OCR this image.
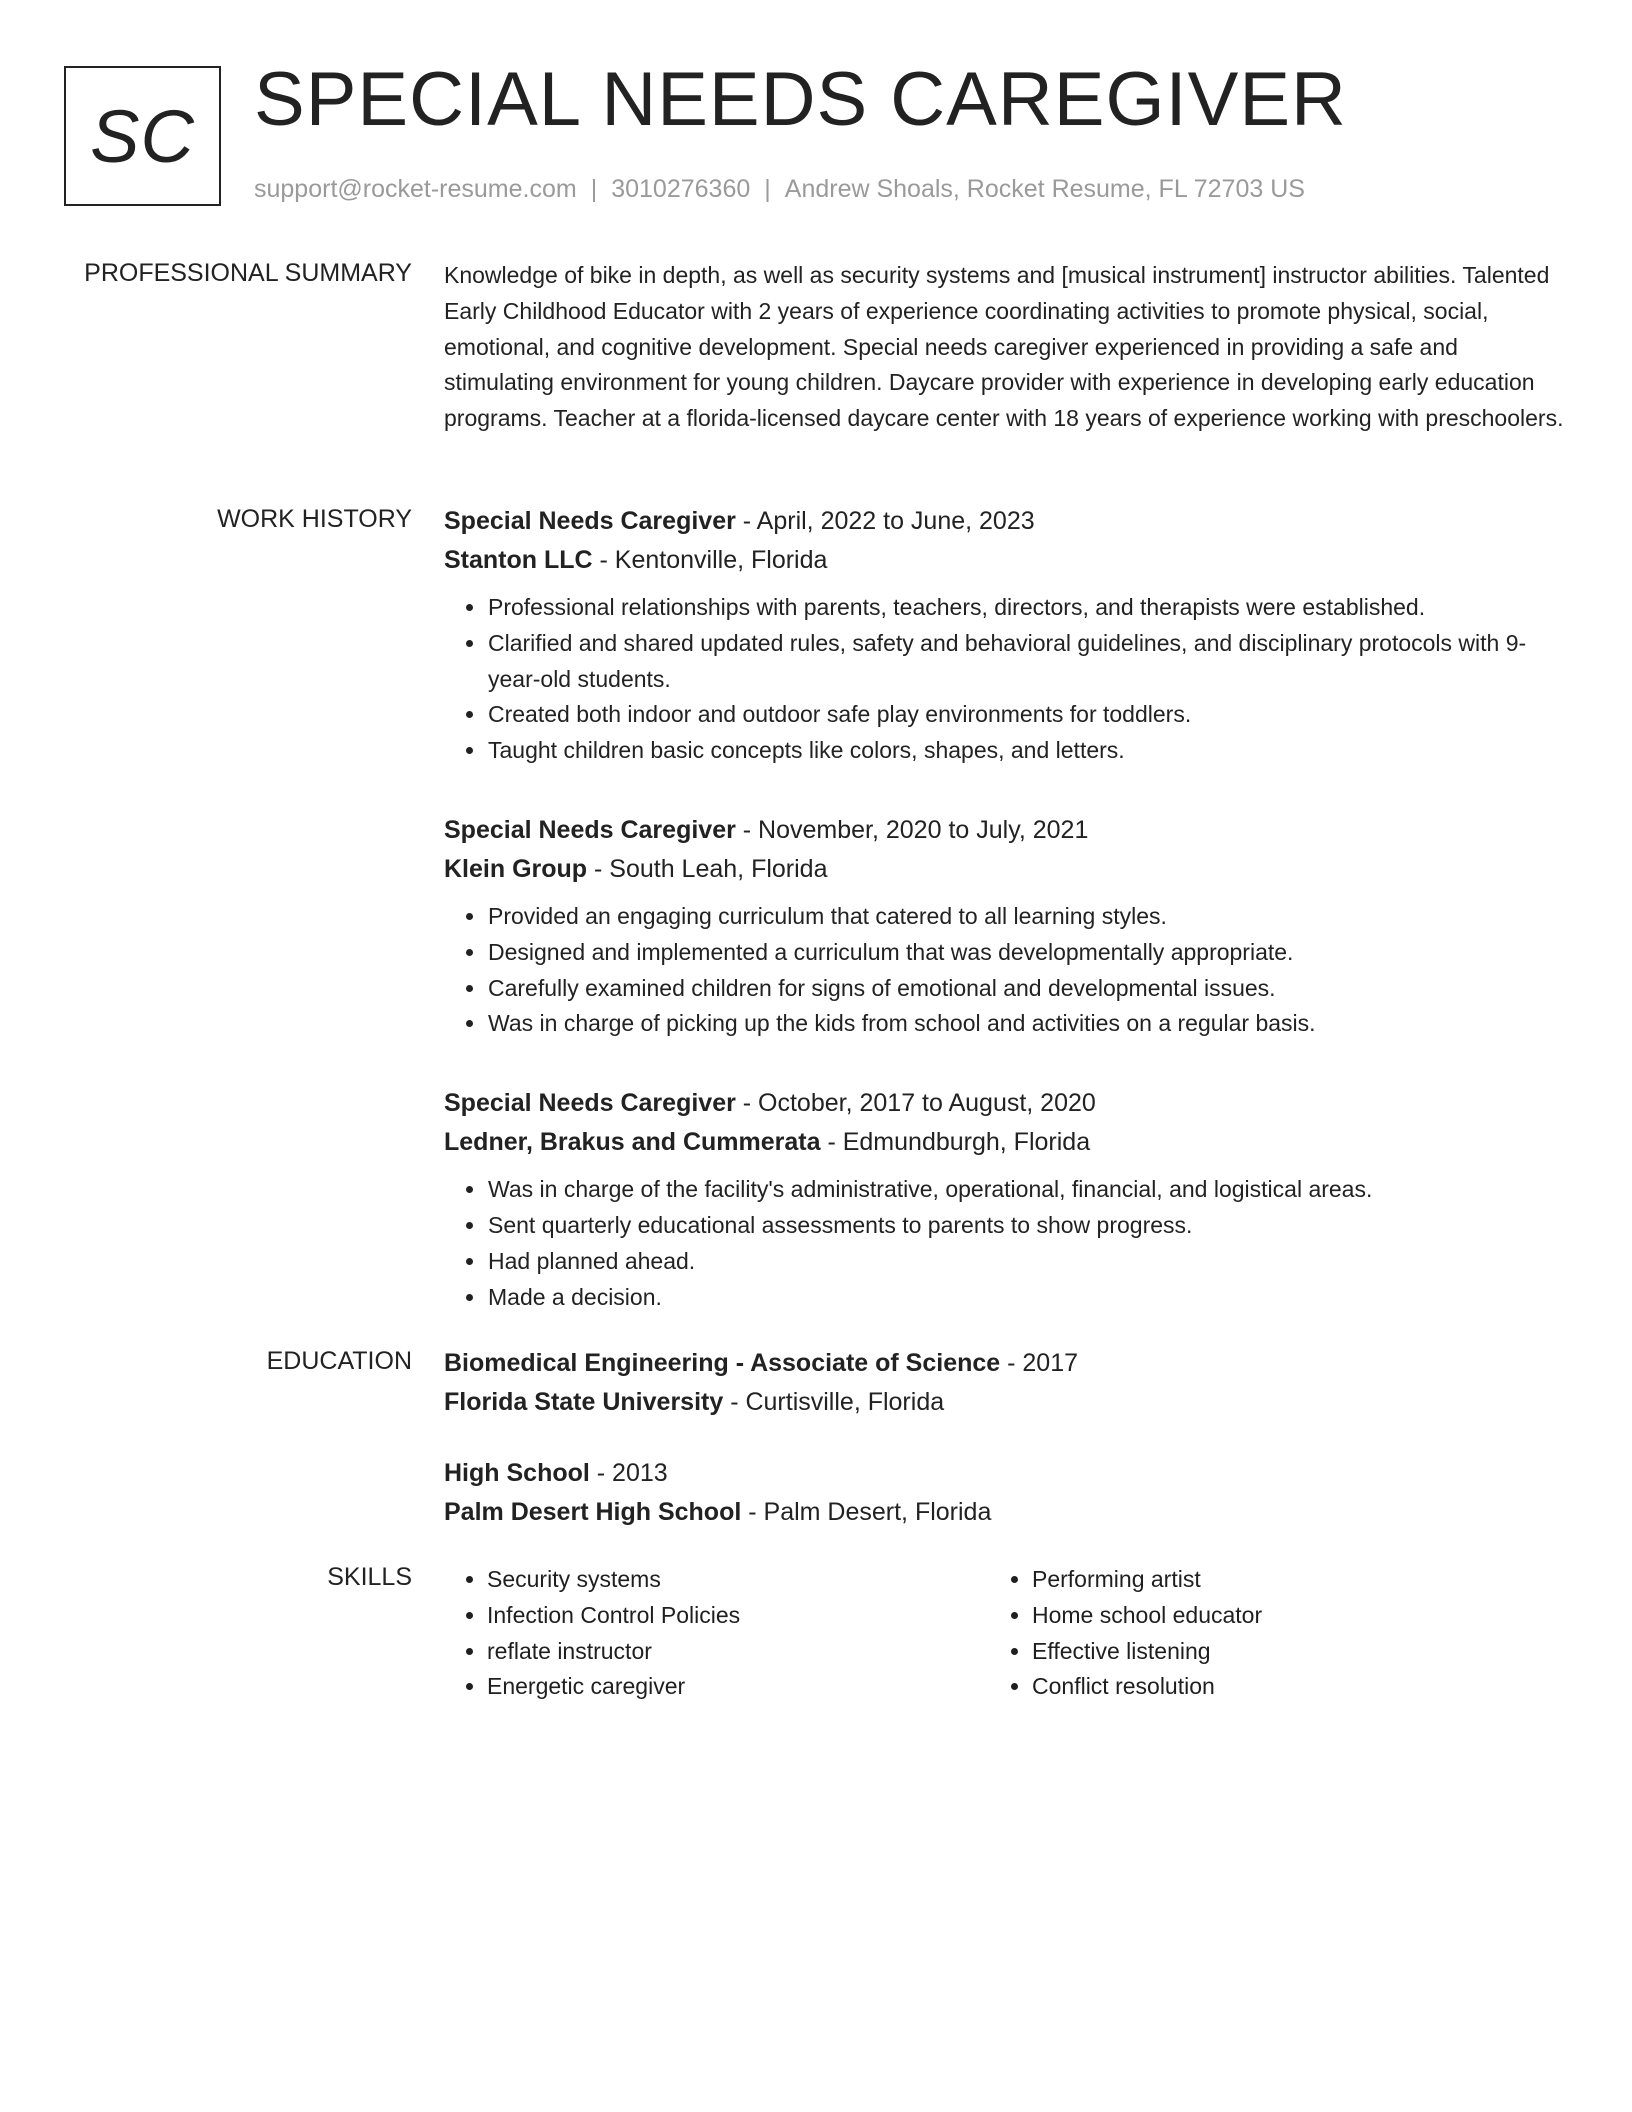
SC SPECIAL NEEDS CAREGIVER
support@rocket-resume.com | 3010276360 | Andrew Shoals, Rocket Resume, FL 72703 US
PROFESSIONAL SUMMARY Knowledge of bike in depth, as well as security systems and [musical instrument] instructor abilities. Talented Early Childhood Educator with 2 years of experience coordinating activities to promote physical, social, emotional, and cognitive development. Special needs caregiver experienced in providing a safe and stimulating environment for young children. Daycare provider with experience in developing early education programs. Teacher at a florida-licensed daycare center with 18 years of experience working with preschoolers.

WORK HISTORY Special Needs Caregiver - April, 2022 to June, 2023
Stanton LLC - Kentonville, Florida
• Professional relationships with parents, teachers, directors, and therapists were established.
• Clarified and shared updated rules, safety and behavioral guidelines, and disciplinary protocols with 9-year-old students.
• Created both indoor and outdoor safe play environments for toddlers.
• Taught children basic concepts like colors, shapes, and letters.
Special Needs Caregiver - November, 2020 to July, 2021
Klein Group - South Leah, Florida
• Provided an engaging curriculum that catered to all learning styles.
• Designed and implemented a curriculum that was developmentally appropriate.
• Carefully examined children for signs of emotional and developmental issues.
• Was in charge of picking up the kids from school and activities on a regular basis.
Special Needs Caregiver - October, 2017 to August, 2020
Ledner, Brakus and Cummerata - Edmundburgh, Florida
• Was in charge of the facility's administrative, operational, financial, and logistical areas.
• Sent quarterly educational assessments to parents to show progress.
• Had planned ahead.
• Made a decision.
EDUCATION Biomedical Engineering - Associate of Science - 2017
Florida State University - Curtisville, Florida
High School - 2013
Palm Desert High School - Palm Desert, Florida
SKILLS
•	Security systems
• Infection Control Policies
• reflate instructor
• Energetic caregiver
• Performing artist
• Home school educator
• Effective listening
• Conflict resolution
